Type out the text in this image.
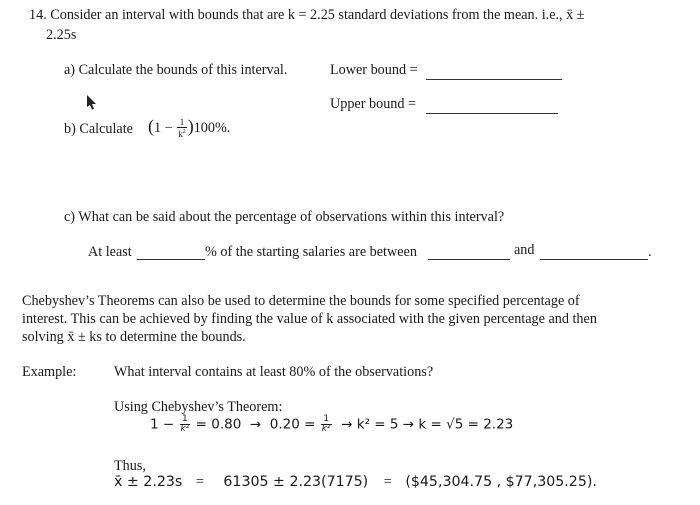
14. Consider an interval with bounds that are k = 2.25 standard deviations from the mean. i.e., x̄ ±
2.25s
a) Calculate the bounds of this interval.	Lower bound =
Upper bound =
b) Calculate $(1 - \frac{1}{k^2} )100\%$.
c) What can be said about the percentage of observations within this interval?
At least	% of the starting salaries are between	and	.
Chebyshev’s Theorems can also be used to determine the bounds for some specified percentage of
interest. This can be achieved by finding the value of k associated with the given percentage and then
solving x̄ ± ks to determine the bounds.
Example:	What interval contains at least 80% of the observations?
Using Chebyshev’s Theorem:
$1 - \frac{1}{\text{k²}} = 0.80 \to 0.20 = \frac{1}{\text{k²}} \to k^2 = 5 \to k = √5 = 2.23$
Thus,
x̄ ± 2.23s = 61305 ± 2.23(7175) = ($45,304.75 , $77,305.25).
